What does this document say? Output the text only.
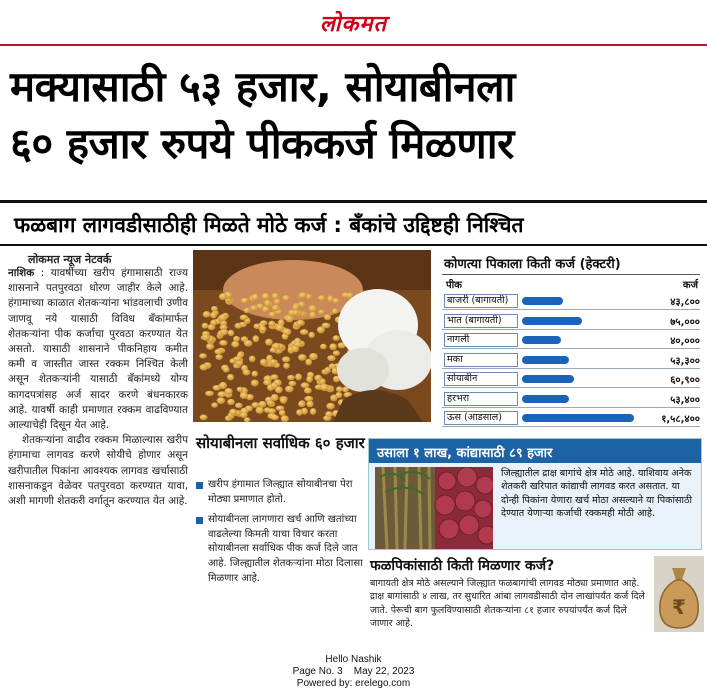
लोकमत
मक्यासाठी ५३ हजार, सोयाबीनला
६० हजार रुपये पीककर्ज मिळणार
फळबाग लागवडीसाठीही मिळते मोठे कर्ज : बँकांचे उद्दिष्टही निश्चित
लोकमत न्यूज नेटवर्क

नाशिक : यावर्षीच्या खरीप हंगामासाठी राज्य शासनाने पतपुरवठा धोरण जाहीर केले आहे. हंगामाच्या काळात शेतकऱ्यांना भांडवलाची उणीव जाणवू नये यासाठी विविध बँकांमार्फत शेतकऱ्यांना पीक कर्जाचा पुरवठा करण्यात येत असतो. यासाठी शासनाने पीकनिहाय कमीत कमी व जास्तीत जास्त रक्कम निश्चित केली असून शेतकऱ्यांनी यासाठी बँकांमध्ये योग्य कागदपत्रांसह अर्ज सादर करणे बंधनकारक आहे. यावर्षी काही प्रमाणात रक्कम वाढविण्यात आल्याचेही दिसून येत आहे.

शेतकऱ्यांना वाढीव रक्कम मिळाल्यास खरीप हंगामाचा लागवड करणे सोयीचे होणार असून खरीपातील पिकांना आवश्यक लागवड खर्चासाठी शासनाकडून वेळेवर पतपुरवठा करण्यात यावा, अशी मागणी शेतकरी वर्गातून करण्यात येत आहे.

सोयाबीनला सर्वाधिक ६० हजार
खरीप हंगामात जिल्ह्यात सोयाबीनचा पेरा मोठ्या प्रमाणात होतो.
सोयाबीनला लागणारा खर्च आणि खतांच्या वाढलेल्या किमती याचा विचार करता सोयाबीनला सर्वाधिक पीक कर्ज दिले जात आहे. जिल्ह्यातील शेतकऱ्यांना मोठा दिलासा मिळणार आहे.
कोणत्या पिकाला किती कर्ज (हेक्टरी)
पीक	कर्ज
बाजरी (बागायती)	४३,८००
भात (बागायती)	७५,०००
नागली	४०,०००
मका	५३,३००
सोयाबीन	६०,९००
हरभरा	५३,४००
ऊस (आडसाल)	१,५८,४००
उसाला १ लाख, कांद्यासाठी ८९ हजार
जिल्ह्यातील द्राक्ष बागांचे क्षेत्र मोठे आहे. याशिवाय अनेक शेतकरी खरिपात कांद्याची लागवड करत असतात. या दोन्ही पिकांना येणारा खर्च मोठा असल्याने या पिकांसाठी देण्यात येणाऱ्या कर्जाची रक्कमही मोठी आहे.
फळपिकांसाठी किती मिळणार कर्ज?
बागायती क्षेत्र मोठे असल्याने जिल्ह्यात फळबागांची लागवड मोठ्या प्रमाणात आहे. द्राक्ष बागांसाठी ४ लाख, तर सुधारित आंबा लागवडीसाठी दोन लाखांपर्यंत कर्ज दिले जाते. पेरूची बाग फुलविण्यासाठी शेतकऱ्यांना ८१ हजार रुपयांपर्यंत कर्ज दिले जाणार आहे.
₹
Hello Nashik
Page No. 3 May 22, 2023
Powered by: erelego.com
